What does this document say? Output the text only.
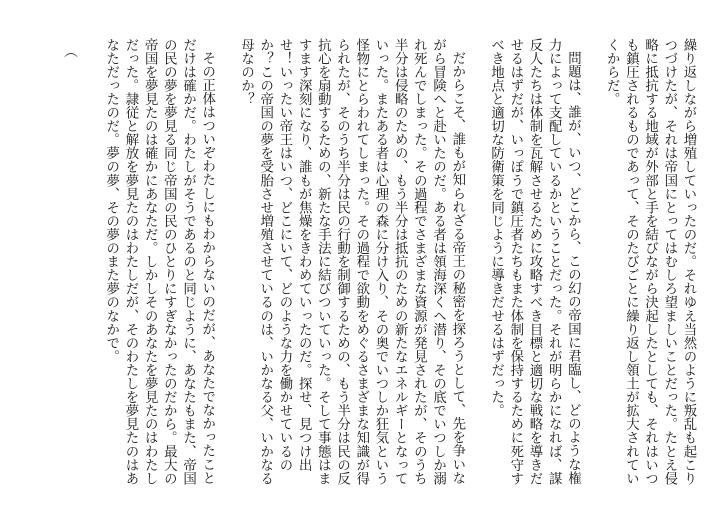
繰り返しながら増殖していったのだ。それゆえ当然のように叛乱も起こりつづけたが、それは帝国にとってはむしろ望ましいことだった。たとえ侵略に抵抗する地域が外部と手を結びながら決起したとしても、それはいつも鎮圧されるものであって、そのたびごとに繰り返し領土が拡大されていくからだ。

問題は、誰が、いつ、どこから、この幻の帝国に君臨し、どのような権力によって支配しているかということだった。それが明らかになれば、謀反人たちは体制を瓦解させるために攻略すべき目標と適切な戦略を導きだせるはずだが、いっぽうで鎮圧者たちもまた体制を保持するために死守すべき地点と適切な防衛策を同じように導きだせるはずだった。

だからこそ、誰もが知られざる帝王の秘密を探ろうとして、先を争いながら冒険へと赴いたのだ。ある者は領海深くへ潜り、その底でいつしか溺れ死んでしまった。その過程でさまざまな資源が発見されたが、そのうち半分は侵略のための、もう半分は抵抗のための新たなエネルギーとなっていった。またある者は心理の森に分け入り、その奥でいつしか狂気という怪物にとらわれてしまった。その過程で欲動をめぐるさまざまな知識が得られたが、そのうち半分は民の行動を制御するための、もう半分は民の反抗心を扇動するための、新たな手法に結びついていった。そして事態はますます深刻になり、誰もが焦燥をきわめていったのだ。探せ、見つけ出せ！いったい帝王はいつ、どこにいて、どのような力を働かせているのか？この帝国の夢を受胎させ増殖させているのは、いかなる父、いかなる母なのか？

その正体はついぞわたしにもわからないのだが、あなたでなかったことだけは確かだ。わたしがそうであるのと同じように、あなたもまた、帝国の民の夢を夢見る同じ帝国の民のひとりにすぎなかったのだから。最大の帝国を夢見たのは確かにあなただ。しかしそのあなたを夢見たのはわたしだった。隷従と解放を夢見たのはわたしだが、そのわたしを夢見たのはあなただったのだ。夢の夢、その夢のまた夢のなかで。

（
